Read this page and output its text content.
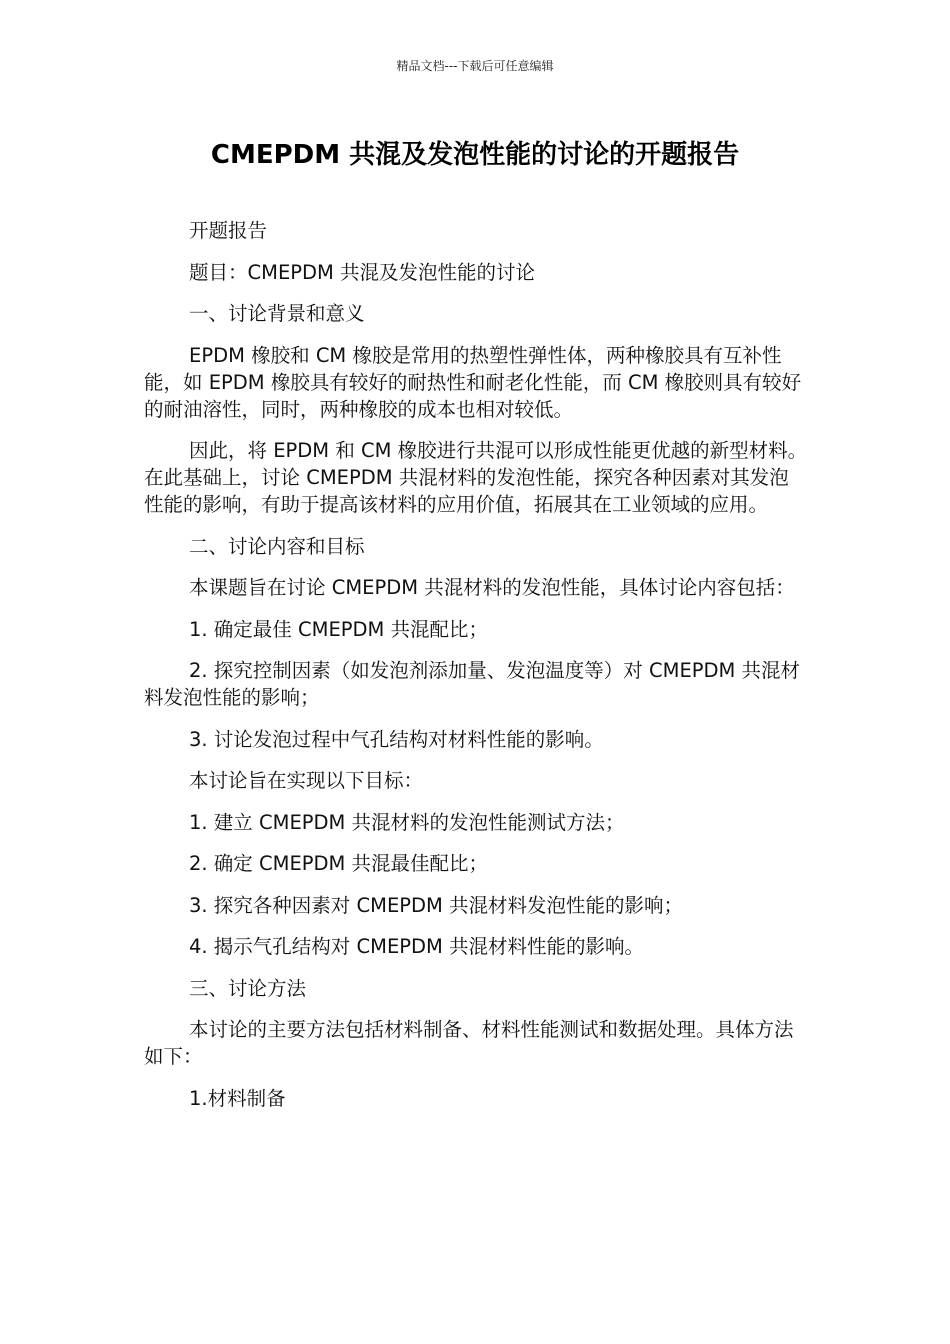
精品文档---下载后可任意编辑
CMEPDM 共混及发泡性能的讨论的开题报告

开题报告

题目：CMEPDM 共混及发泡性能的讨论

一、讨论背景和意义

EPDM 橡胶和 CM 橡胶是常用的热塑性弹性体，两种橡胶具有互补性能，如 EPDM 橡胶具有较好的耐热性和耐老化性能，而 CM 橡胶则具有较好的耐油溶性，同时，两种橡胶的成本也相对较低。

因此，将 EPDM 和 CM 橡胶进行共混可以形成性能更优越的新型材料。在此基础上，讨论 CMEPDM 共混材料的发泡性能，探究各种因素对其发泡性能的影响，有助于提高该材料的应用价值，拓展其在工业领域的应用。

二、讨论内容和目标

本课题旨在讨论 CMEPDM 共混材料的发泡性能，具体讨论内容包括：

1. 确定最佳 CMEPDM 共混配比；

2. 探究控制因素（如发泡剂添加量、发泡温度等）对 CMEPDM 共混材料发泡性能的影响；

3. 讨论发泡过程中气孔结构对材料性能的影响。

本讨论旨在实现以下目标：

1. 建立 CMEPDM 共混材料的发泡性能测试方法；

2. 确定 CMEPDM 共混最佳配比；

3. 探究各种因素对 CMEPDM 共混材料发泡性能的影响；

4. 揭示气孔结构对 CMEPDM 共混材料性能的影响。

三、讨论方法

本讨论的主要方法包括材料制备、材料性能测试和数据处理。具体方法如下：

1.材料制备
